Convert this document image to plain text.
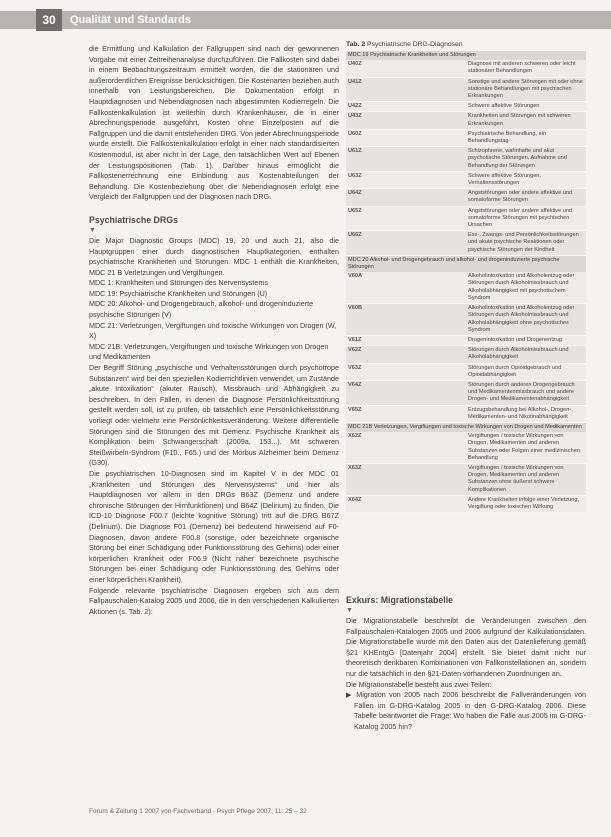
30	Qualität und Standards

die Ermittlung und Kalkulation der Fallgruppen sind nach der gewonnenen Vorgabe mit einer Zeitreihenanalyse durchzuführen. Die Fallkosten sind dabei in einem Beobachtungszeitraum ermittelt worden, die die stationären und außerordentlichen Ereignisse berücksichtigen. Die Kostenarten beziehen auch innerhalb von Leistungsbereichen. Die Dokumentation erfolgt in Hauptdiagnosen und Nebendiagnosen nach abgestimmten Kodierregeln. Die Fallkostenkalkulation ist weiterhin durch Krankenhäuser, die in einer Abrechnungsperiode ausgeführt, Kosten ohne Einzelposten auf die Fallgruppen und die damit entstehenden DRG. Von jeder Abrechnungsperiode wurde erstellt. Die Fallkostenkalkulation erfolgt in einer nach standardisierten Kostenmodul, ist aber nicht in der Lage, den tatsächlichen Wert auf Ebenen der Leistungspositionen (Tab. 1). Darüber hinaus ermöglicht die Fallkostenerrechnung eine Einbindung aus Kostenabteilungen der Behandlung. Die Kostenbeziehung über die Nebendiagnosen erfolgt eine Vergleich der Fallgruppen und der Diagnosen nach DRG.

Psychiatrische DRGs
▼

Die Major Diagnostic Groups (MDC) 19, 20 und auch 21, also die Hauptgruppen einer durch diagnostischen Hauptkategorien, enthalten psychiatrische Krankheiten und Störungen. MDC 1 enthält die Krankheiten, MDC 21 B Verletzungen und Vergiftungen.

MDC 1: Krankheiten und Störungen des Nervensystems

MDC 19: Psychiatrische Krankheiten und Störungen (U)

MDC 20: Alkohol- und Drogengebrauch, alkohol- und drogeninduzierte psychische Störungen (V)

MDC 21: Verletzungen, Vergiftungen und toxische Wirkungen von Drogen (W, X)

MDC 21B: Verletzungen, Vergiftungen und toxische Wirkungen von Drogen und Medikamenten

Der Begriff Störung „psychische und Verhaltensstörungen durch psychotrope Substanzen“ wird bei den speziellen Kodierrichtlinien verwendet, um Zustände „akute Intoxikation“ (akuter Rausch), Missbrauch und Abhängigkeit zu beschreiben. In den Fällen, in denen die Diagnose Persönlichkeitsstörung gestellt werden soll, ist zu prüfen, ob tatsächlich eine Persönlichkeitsstörung vorliegt oder vielmehr eine Persönlichkeitsveränderung. Weitere differentielle Störungen sind die Störungen des mit Demenz. Psychische Krankheit als Komplikation beim Schwangerschaft (2009a, 153...). Mit schweren Steißwirbeln-Syndrom (F10., F65.) und der Morbus Alzheimer beim Demenz (G30).

Die psychiatrischen 10-Diagnosen sind im Kapitel V in der MDC 01 „Krankheiten und Störungen des Nervensystems“ und hier als Hauptdiagnosen vor allem in den DRGs B63Z (Demenz und andere chronische Störungen der Hirnfunktionen) und B64Z (Delirium) zu finden. Die ICD-10 Diagnose F00.7 (leichte kognitive Störung) tritt auf die DRG B67Z (Delirium). Die Diagnose F01 (Demenz) bei bedeutend hinweisend auf F0-Diagnosen, davon andere F00.8 (sonstige, oder bezeichnete organische Störung bei einer Schädigung oder Funktionsstörung des Gehirns) oder einer körperlichen Krankheit oder F06.9 (Nicht näher bezeichnete psychische Störungen bei einer Schädigung oder Funktionsstörung des Gehirns oder einer körperlichen Krankheit).

Folgende relevante psychiatrische Diagnosen ergeben sich aus dem Fallpauschalen-Katalog 2005 und 2006, die in den verschiedenen Kalkulierten Aktionen (s. Tab. 2):

Tab. 2 Psychiatrische DRG-Diagnosen

MDC 19 Psychiatrische Krankheiten und Störungen	
U40Z	Diagnose mit anderen schweren oder leicht stationärer Behandlungen
U41Z	Sonstige und andere Störungen mit oder ohne stationäre Behandlungen mit psychischen Erkrankungen
U42Z	Schwere affektive Störungen
U43Z	Krankheiten und Störungen mit schweren Erkrankungen
U60Z	Psychiatrische Behandlung, ein Behandlungstag
U61Z	Schizophrene, wahnhafte und akut psychotische Störungen, Aufnahme und Behandlung der Störungen
U63Z	Schwere affektive Störungen, Verhaltensstörungen
U64Z	Angststörungen oder andere affektive und somatoforme Störungen
U65Z	Angststörungen oder andere affektive und somatoforme Störungen mit psychischen Ursachen
U66Z	Ess-, Zwangs- und Persönlichkeitsstörungen und akute psychische Reaktionen oder psychische Störungen der Kindheit
MDC 20 Alkohol- und Drogengebrauch und alkohol- und drogeninduzierte psychische Störungen	
V60A	Alkoholintoxikation und Alkoholentzug oder Störungen durch Alkoholmissbrauch und Alkoholabhängigkeit mit psychotischem Syndrom
V60B	Alkoholintoxikation und Alkoholentzug oder Störungen durch Alkoholmissbrauch und Alkoholabhängigkeit ohne psychotisches Syndrom
V61Z	Drogenintoxikation und Drogenentzug
V62Z	Störungen durch Alkoholmissbrauch und Alkoholabhängigkeit
V63Z	Störungen durch Opioidgebrauch und Opioidabhängigkeit
V64Z	Störungen durch anderen Drogengebrauch und Medikamentenmissbrauch und andere Drogen- und Medikamentenabhängigkeit
V65Z	Entzugsbehandlung bei Alkohol-, Drogen-, Medikamenten- und Nikotinabhängigkeit
MDC 21B Verletzungen, Vergiftungen und toxische Wirkungen von Drogen und Medikamenten	
X62Z	Vergiftungen / toxische Wirkungen von Drogen, Medikamenten und anderen Substanzen oder Folgen einer medizinischen Behandlung
X63Z	Vergiftungen / toxische Wirkungen von Drogen, Medikamenten und anderen Substanzen ohne äußerst schwere Komplikationen
X64Z	Andere Krankheiten infolge einer Verletzung, Vergiftung oder toxischen Wirkung
Exkurs: Migrationstabelle
▼

Die Migrationstabelle beschreibt die Veränderungen zwischen den Fallpauschalen-Katalogen 2005 und 2006 aufgrund der Kalkulationsdaten. Die Migrationstabelle wurde mit den Daten aus der Datenlieferung gemäß §21 KHEntgG [Datenjahr 2004] erstellt. Sie bietet damit nicht nur theoretisch denkbaren Kombinationen von Fallkonstellationen an, sondern nur die tatsächlich in den §21-Daten vorhandenen Zuordnungen an.

Die Migrationstabelle besteht aus zwei Teilen:

▶ Migration von 2005 nach 2006 beschreibt die Fallveränderungen von Fällen im G-DRG-Katalog 2005 in den G-DRG-Katalog 2006. Diese Tabelle beantwortet die Frage: Wo haben die Fälle aus 2005 im G-DRG-Katalog 2005 hin?

Forum & Zeitung 1 2007 von Fachverband · Psych Pflege 2007; 11: 25 – 32
